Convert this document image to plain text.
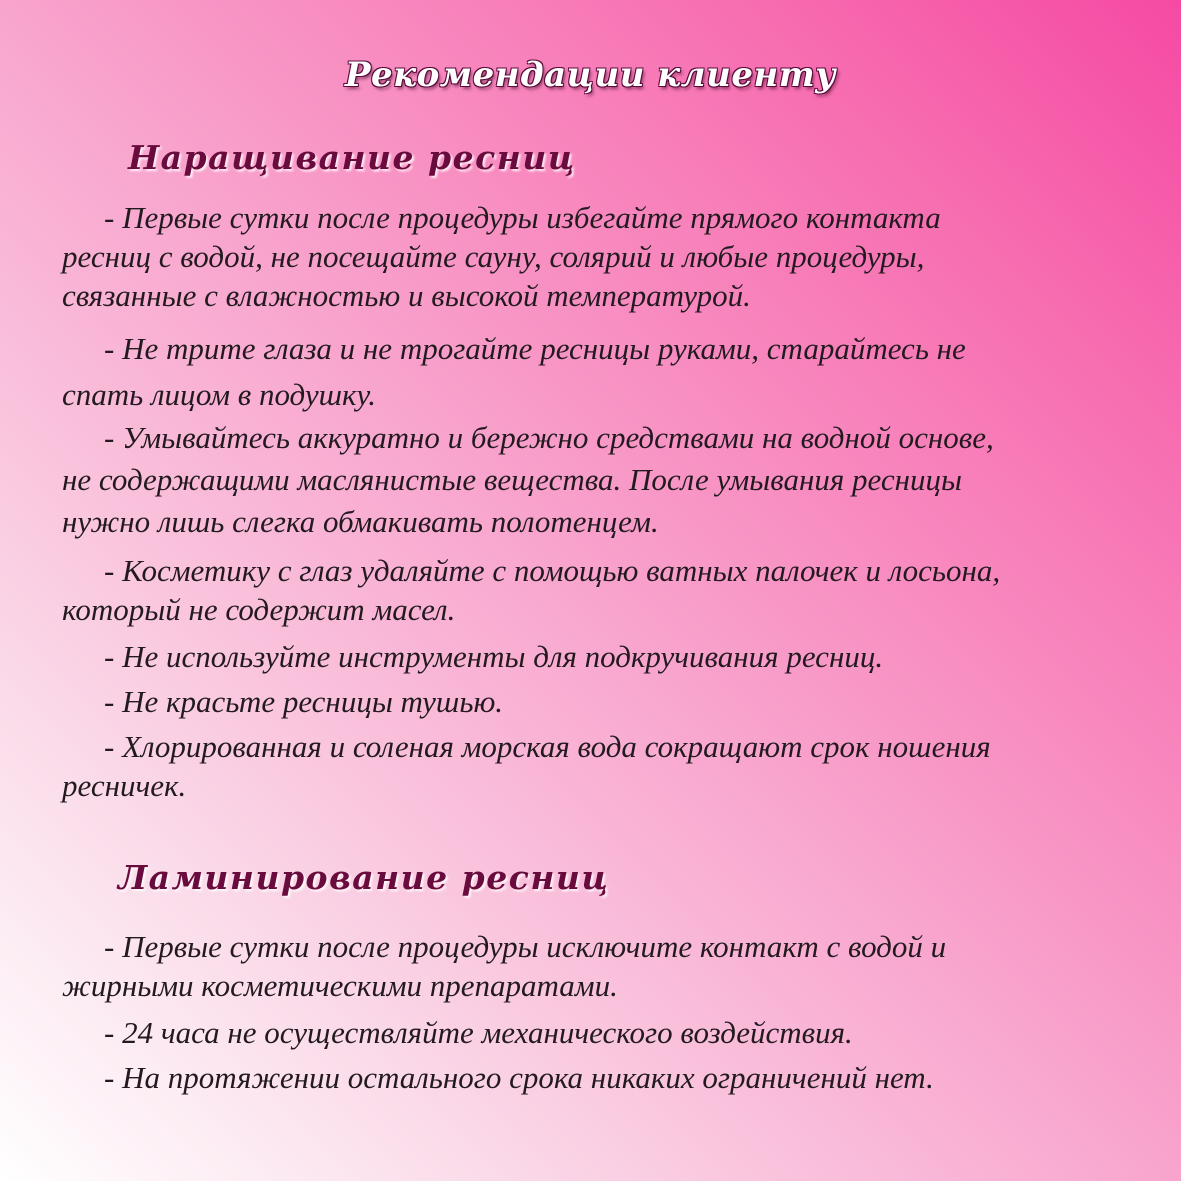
Рекомендации клиенту
Наращивание ресниц

- Первые сутки после процедуры избегайте прямого контакта
ресниц с водой, не посещайте сауну, солярий и любые процедуры,
связанные с влажностью и высокой температурой.

- Не трите глаза и не трогайте ресницы руками, старайтесь не
спать лицом в подушку.

- Умывайтесь аккуратно и бережно средствами на водной основе,
не содержащими маслянистые вещества. После умывания ресницы
нужно лишь слегка обмакивать полотенцем.

- Косметику с глаз удаляйте с помощью ватных палочек и лосьона,
который не содержит масел.

- Не используйте инструменты для подкручивания ресниц.

- Не красьте ресницы тушью.

- Хлорированная и соленая морская вода сокращают срок ношения
ресничек.

Ламинирование ресниц

- Первые сутки после процедуры исключите контакт с водой и
жирными косметическими препаратами.

- 24 часа не осуществляйте механического воздействия.

- На протяжении остального срока никаких ограничений нет.
